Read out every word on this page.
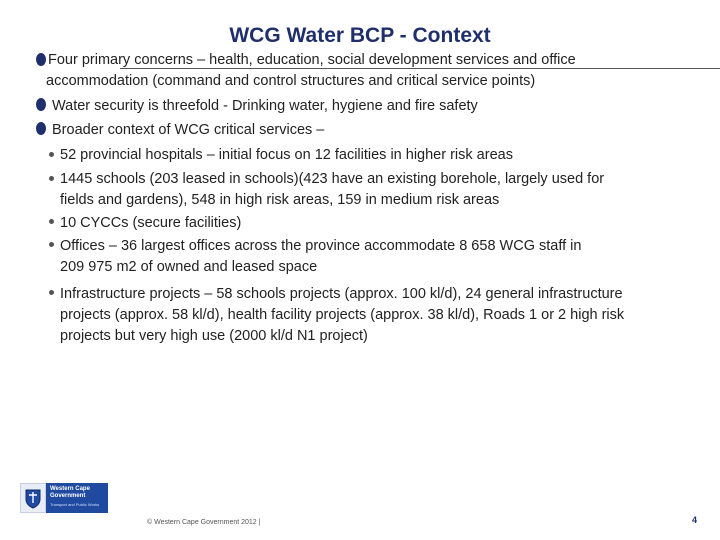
WCG Water BCP - Context
Four primary concerns – health, education, social development services and office
accommodation (command and control structures and critical service points)
Water security is threefold - Drinking water, hygiene and fire safety
Broader context of WCG critical services –
52 provincial hospitals – initial focus on 12 facilities in higher risk areas
1445 schools (203 leased in schools)(423 have an existing borehole, largely used for
fields and gardens), 548 in high risk areas, 159 in medium risk areas
10 CYCCs (secure facilities)
Offices – 36 largest offices across the province accommodate 8 658 WCG staff in
209 975 m2 of owned and leased space
Infrastructure projects – 58 schools projects (approx. 100 kl/d), 24 general infrastructure
projects (approx. 58 kl/d), health facility projects (approx. 38 kl/d), Roads 1 or 2 high risk
projects but very high use (2000 kl/d N1 project)
Western Cape
Government
Transport and Public Works
© Western Cape Government 2012 |	4
